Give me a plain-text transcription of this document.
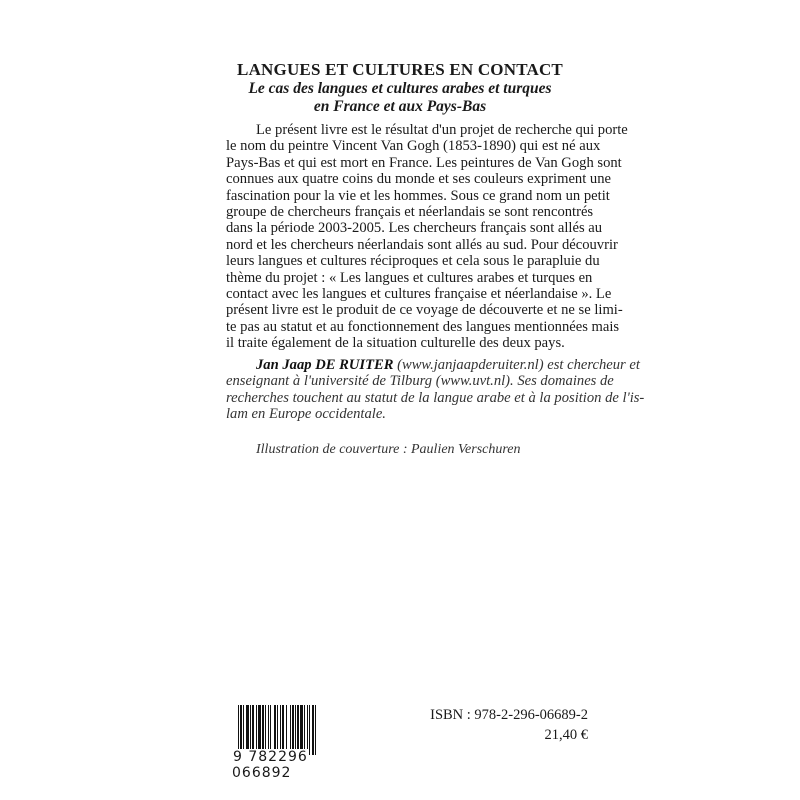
LANGUES ET CULTURES EN CONTACT
Le cas des langues et cultures arabes et turques
en France et aux Pays-Bas
Le présent livre est le résultat d'un projet de recherche qui porte
le nom du peintre Vincent Van Gogh (1853-1890) qui est né aux
Pays-Bas et qui est mort en France. Les peintures de Van Gogh sont
connues aux quatre coins du monde et ses couleurs expriment une
fascination pour la vie et les hommes. Sous ce grand nom un petit
groupe de chercheurs français et néerlandais se sont rencontrés
dans la période 2003-2005. Les chercheurs français sont allés au
nord et les chercheurs néerlandais sont allés au sud. Pour découvrir
leurs langues et cultures réciproques et cela sous le parapluie du
thème du projet : « Les langues et cultures arabes et turques en
contact avec les langues et cultures française et néerlandaise ». Le
présent livre est le produit de ce voyage de découverte et ne se limi-
te pas au statut et au fonctionnement des langues mentionnées mais
il traite également de la situation culturelle des deux pays.
Jan Jaap DE RUITER (www.janjaapderuiter.nl) est chercheur et
enseignant à l'université de Tilburg (www.uvt.nl). Ses domaines de
recherches touchent au statut de la langue arabe et à la position de l'is-
lam en Europe occidentale.
Illustration de couverture : Paulien Verschuren
9 782296 066892
ISBN : 978-2-296-06689-2
21,40 €
